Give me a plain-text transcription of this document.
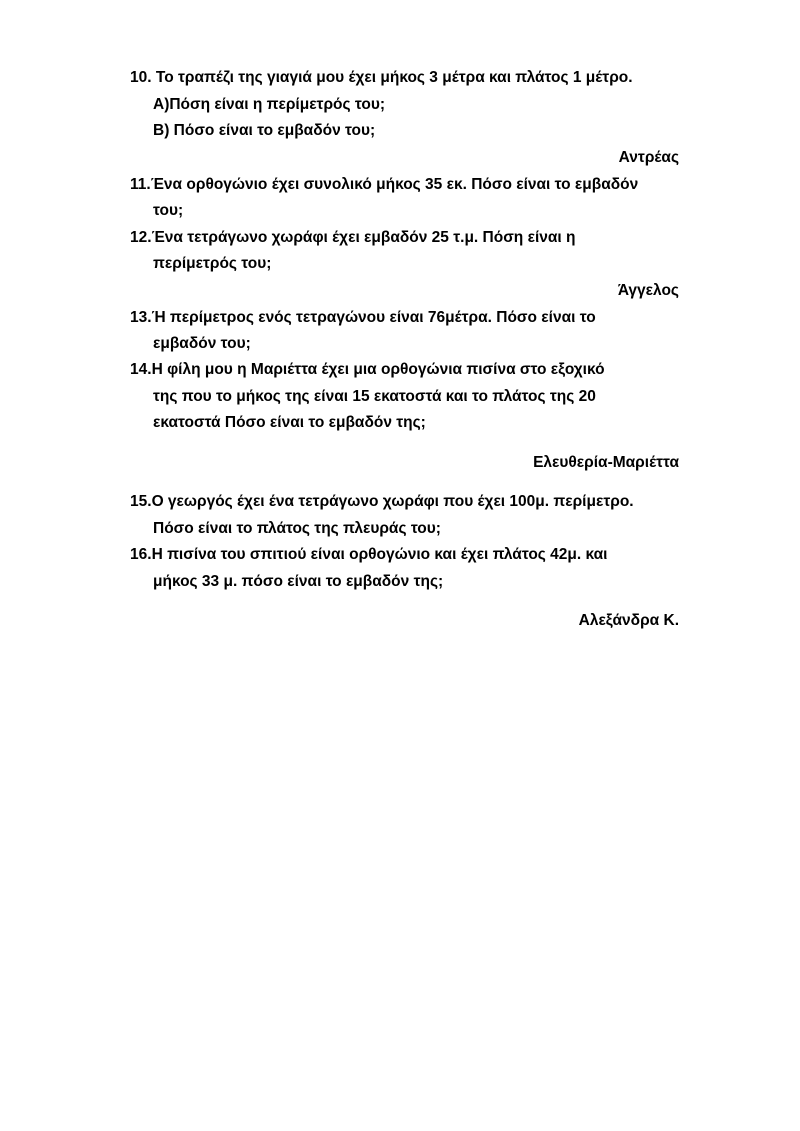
10. Το τραπέζι της γιαγιά μου έχει μήκος 3 μέτρα και πλάτος 1 μέτρο.
Α)Πόση είναι η περίμετρός του;
Β) Πόσο είναι το εμβαδόν του;
Αντρέας
11.Ένα ορθογώνιο έχει συνολικό μήκος 35 εκ. Πόσο είναι το εμβαδόν
του;
12.Ένα τετράγωνο χωράφι έχει εμβαδόν 25 τ.μ. Πόση είναι η
περίμετρός του;
Άγγελος
13.Ή περίμετρος ενός τετραγώνου είναι 76μέτρα. Πόσο είναι το
εμβαδόν του;
14.Η φίλη μου η Μαριέττα έχει μια ορθογώνια πισίνα στο εξοχικό
της που το μήκος της είναι 15 εκατοστά και το πλάτος της 20
εκατοστά Πόσο είναι το εμβαδόν της;
Ελευθερία-Μαριέττα
15.Ο γεωργός έχει ένα τετράγωνο χωράφι που έχει 100μ. περίμετρο.
Πόσο είναι το πλάτος της πλευράς του;
16.Η πισίνα του σπιτιού είναι ορθογώνιο και έχει πλάτος 42μ. και
μήκος 33 μ. πόσο είναι το εμβαδόν της;
Αλεξάνδρα Κ.
